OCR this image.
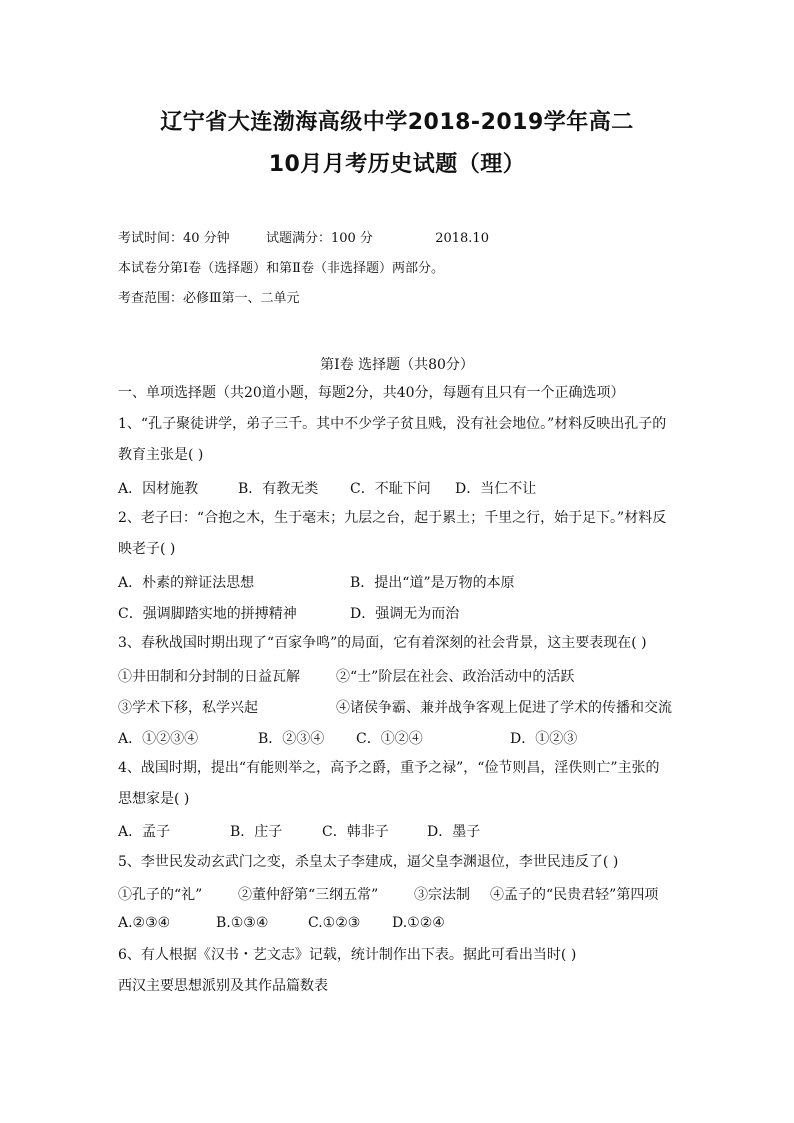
辽宁省大连渤海高级中学2018-2019学年高二
10月月考历史试题（理）
考试时间：40 分钟	试题满分：100 分	2018.10
本试卷分第Ⅰ卷（选择题）和第Ⅱ卷（非选择题）两部分。
考查范围：必修Ⅲ第一、二单元
第Ⅰ卷 选择题（共80分）
一、单项选择题（共20道小题，每题2分，共40分，每题有且只有一个正确选项）
1、“孔子聚徒讲学，弟子三千。其中不少学子贫且贱，没有社会地位。”材料反映出孔子的
教育主张是( )
A．因材施教	B．有教无类 C．不耻下问 D．当仁不让
2、老子曰：“合抱之木，生于毫末；九层之台，起于累土；千里之行，始于足下。”材料反
映老子( )
A．朴素的辩证法思想	B．提出“道”是万物的本原
C．强调脚踏实地的拼搏精神	D．强调无为而治
3、春秋战国时期出现了“百家争鸣”的局面，它有着深刻的社会背景，这主要表现在( )
①井田制和分封制的日益瓦解	②“士”阶层在社会、政治活动中的活跃
③学术下移，私学兴起	④诸侯争霸、兼并战争客观上促进了学术的传播和交流
A．①②③④	B．②③④ C．①②④	D．①②③
4、战国时期，提出“有能则举之，高予之爵，重予之禄”，“俭节则昌，淫佚则亡”主张的
思想家是( )
A．孟子	B．庄子	C．韩非子	D．墨子
5、李世民发动玄武门之变，杀皇太子李建成，逼父皇李渊退位，李世民违反了( )
①孔子的“礼”	②董仲舒第“三纲五常”	③宗法制 ④孟子的“民贵君轻”第四项
A.②③④	B.①③④	C.①②③ D.①②④
6、有人根据《汉书・艺文志》记载，统计制作出下表。据此可看出当时( )
西汉主要思想派别及其作品篇数表
